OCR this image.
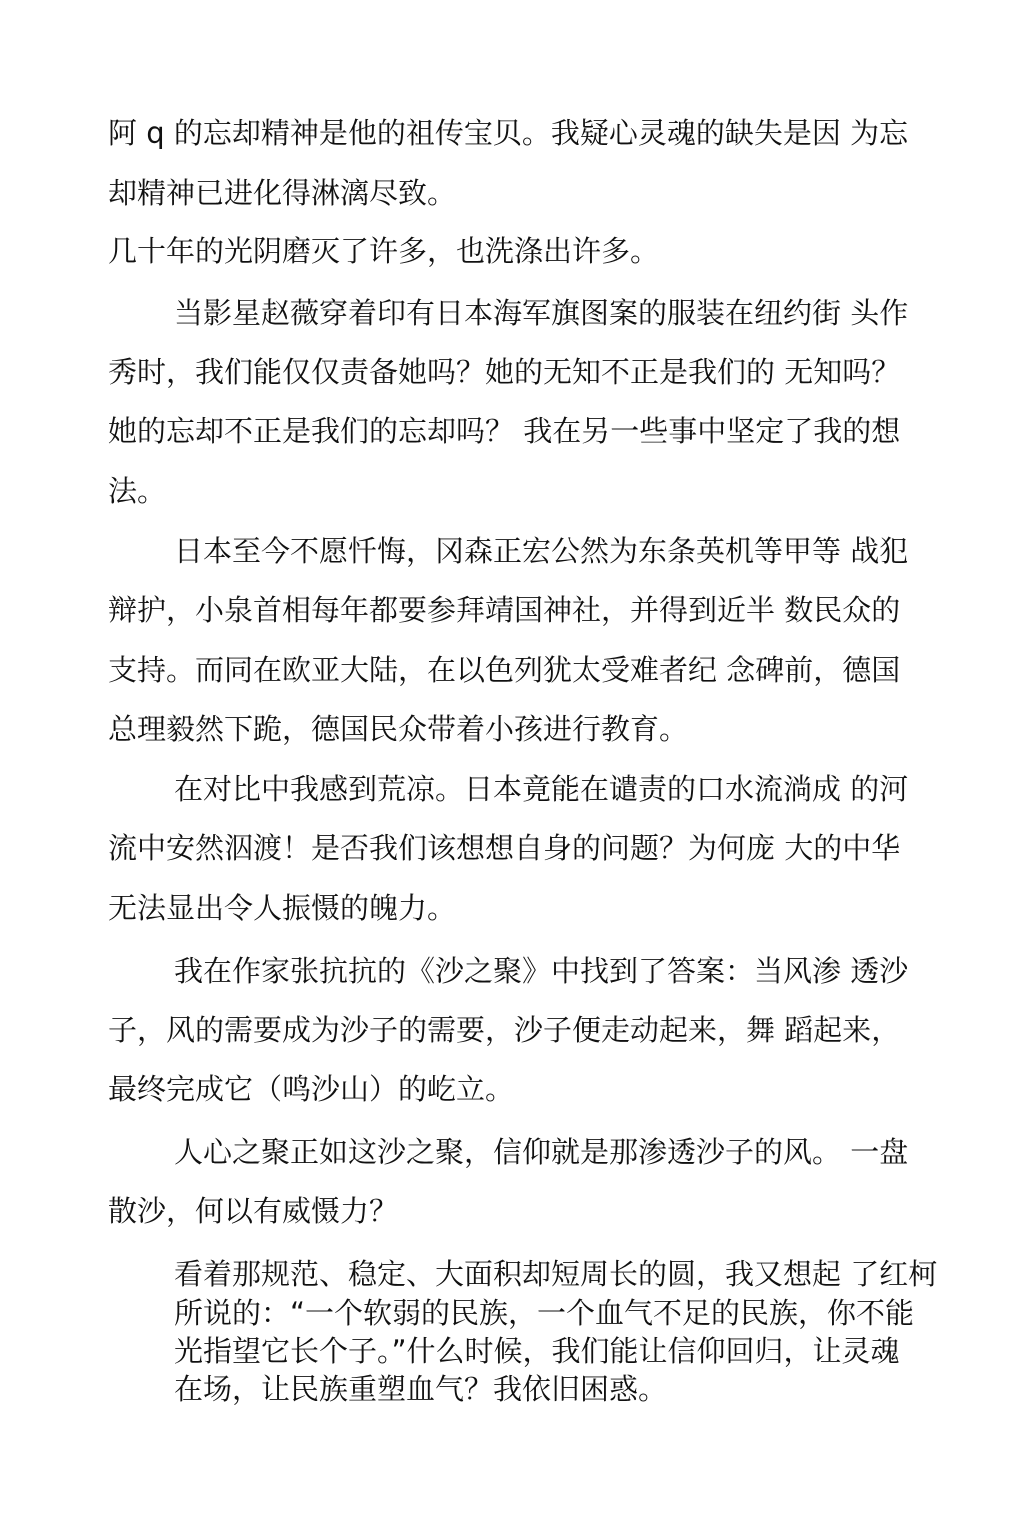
阿 q 的忘却精神是他的祖传宝贝。我疑心灵魂的缺失是因 为忘
却精神已进化得淋漓尽致。
几十年的光阴磨灭了许多，也洗涤出许多。
当影星赵薇穿着印有日本海军旗图案的服装在纽约街 头作
秀时，我们能仅仅责备她吗？她的无知不正是我们的 无知吗？
她的忘却不正是我们的忘却吗？ 我在另一些事中坚定了我的想
法。
日本至今不愿忏悔，冈森正宏公然为东条英机等甲等 战犯
辩护，小泉首相每年都要参拜靖国神社，并得到近半 数民众的
支持。而同在欧亚大陆，在以色列犹太受难者纪 念碑前，德国
总理毅然下跪，德国民众带着小孩进行教育。
在对比中我感到荒凉。日本竟能在谴责的口水流淌成 的河
流中安然泅渡！是否我们该想想自身的问题？为何庞 大的中华
无法显出令人振慑的魄力。
我在作家张抗抗的《沙之聚》中找到了答案：当风渗 透沙
子，风的需要成为沙子的需要，沙子便走动起来，舞 蹈起来，
最终完成它（鸣沙山）的屹立。
人心之聚正如这沙之聚，信仰就是那渗透沙子的风。 一盘
散沙，何以有威慑力？
看着那规范、稳定、大面积却短周长的圆，我又想起 了红柯
所说的：“一个软弱的民族，一个血气不足的民族，你不能
光指望它长个子。”什么时候，我们能让信仰回归，让灵魂
在场，让民族重塑血气？我依旧困惑。
